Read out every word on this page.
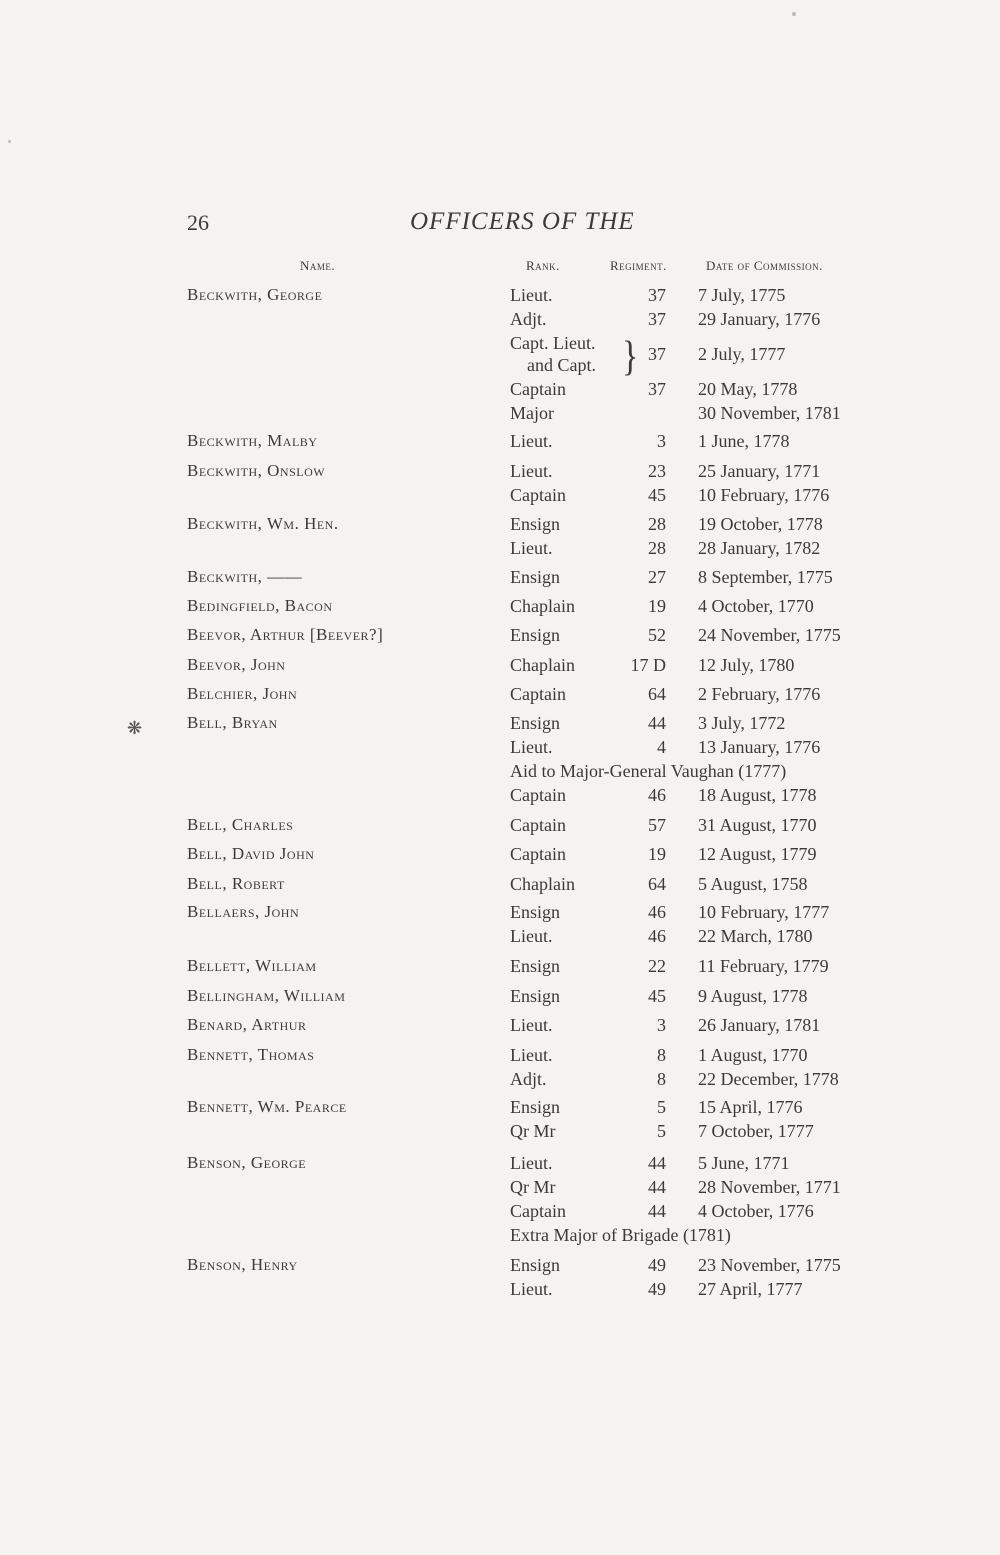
26	OFFICERS OF THE
Name.	Rank.	Regiment.	Date of Commission.
❋
Beckwith, George	Lieut.	37 7 July, 1775
Adjt.	37 29 January, 1776
Capt. Lieut.
and Capt. } 37 2 July, 1777
Captain	37 20 May, 1778
Major	30 November, 1781
Beckwith, Malby	Lieut.	3 1 June, 1778
Beckwith, Onslow	Lieut.	23 25 January, 1771
Captain	45 10 February, 1776
Beckwith, Wm. Hen.	Ensign	28 19 October, 1778
Lieut.	28 28 January, 1782
Beckwith, ——	Ensign	27 8 September, 1775
Bedingfield, Bacon	Chaplain	19 4 October, 1770
Beevor, Arthur [Beever?]	Ensign	52 24 November, 1775
Beevor, John	Chaplain	17 D 12 July, 1780
Belchier, John	Captain	64 2 February, 1776
Bell, Bryan	Ensign	44 3 July, 1772
Lieut.	4 13 January, 1776
Aid to Major-General Vaughan (1777)
Captain	46 18 August, 1778
Bell, Charles	Captain	57 31 August, 1770
Bell, David John	Captain	19 12 August, 1779
Bell, Robert	Chaplain	64 5 August, 1758
Bellaers, John	Ensign	46 10 February, 1777
Lieut.	46 22 March, 1780
Bellett, William	Ensign	22 11 February, 1779
Bellingham, William	Ensign	45 9 August, 1778
Benard, Arthur	Lieut.	3 26 January, 1781
Bennett, Thomas	Lieut.	8 1 August, 1770
Adjt.	8 22 December, 1778
Bennett, Wm. Pearce	Ensign	5 15 April, 1776
Qr Mr	5 7 October, 1777
Benson, George	Lieut.	44 5 June, 1771
Qr Mr	44 28 November, 1771
Captain	44 4 October, 1776
Extra Major of Brigade (1781)
Benson, Henry	Ensign	49 23 November, 1775
Lieut.	49 27 April, 1777
